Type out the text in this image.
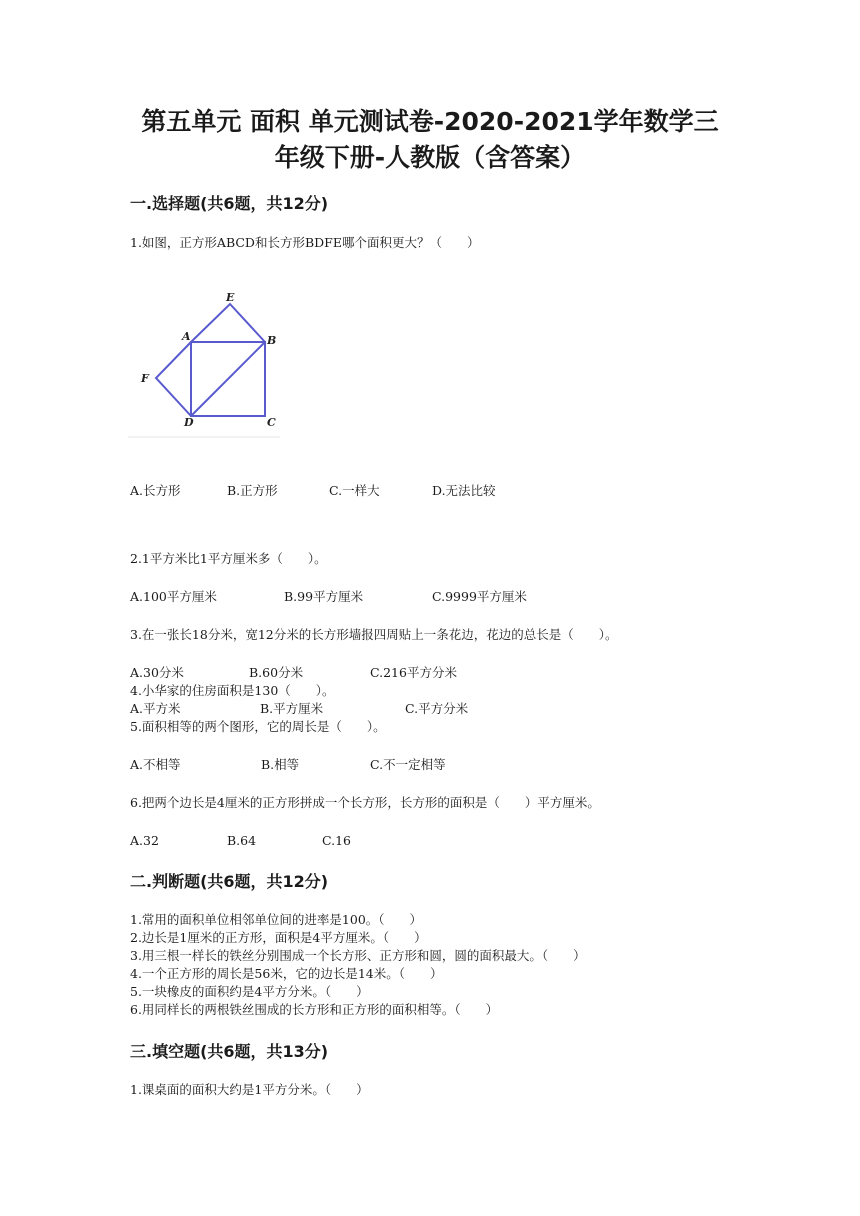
第五单元 面积 单元测试卷-2020-2021学年数学三
年级下册-人教版（含答案）
一.选择题(共6题，共12分)
1.如图，正方形ABCD和长方形BDFE哪个面积更大？（　　）
E
A	B
F
D	C
A.长方形	B.正方形	C.一样大	D.无法比较
2.1平方米比1平方厘米多（　　）。
A.100平方厘米	B.99平方厘米	C.9999平方厘米
3.在一张长18分米，宽12分米的长方形墙报四周贴上一条花边，花边的总长是（　　）。
A.30分米	B.60分米	C.216平方分米
4.小华家的住房面积是130（　　）。
A.平方米	B.平方厘米	C.平方分米
5.面积相等的两个图形，它的周长是（　　）。
A.不相等	B.相等	C.不一定相等
6.把两个边长是4厘米的正方形拼成一个长方形，长方形的面积是（　　）平方厘米。
A.32	B.64	C.16
二.判断题(共6题，共12分)
1.常用的面积单位相邻单位间的进率是100。（　　）
2.边长是1厘米的正方形，面积是4平方厘米。（　　）
3.用三根一样长的铁丝分别围成一个长方形、正方形和圆，圆的面积最大。（　　）
4.一个正方形的周长是56米，它的边长是14米。（　　）
5.一块橡皮的面积约是4平方分米。（　　）
6.用同样长的两根铁丝围成的长方形和正方形的面积相等。（　　）
三.填空题(共6题，共13分)
1.课桌面的面积大约是1平方分米。（　　）
